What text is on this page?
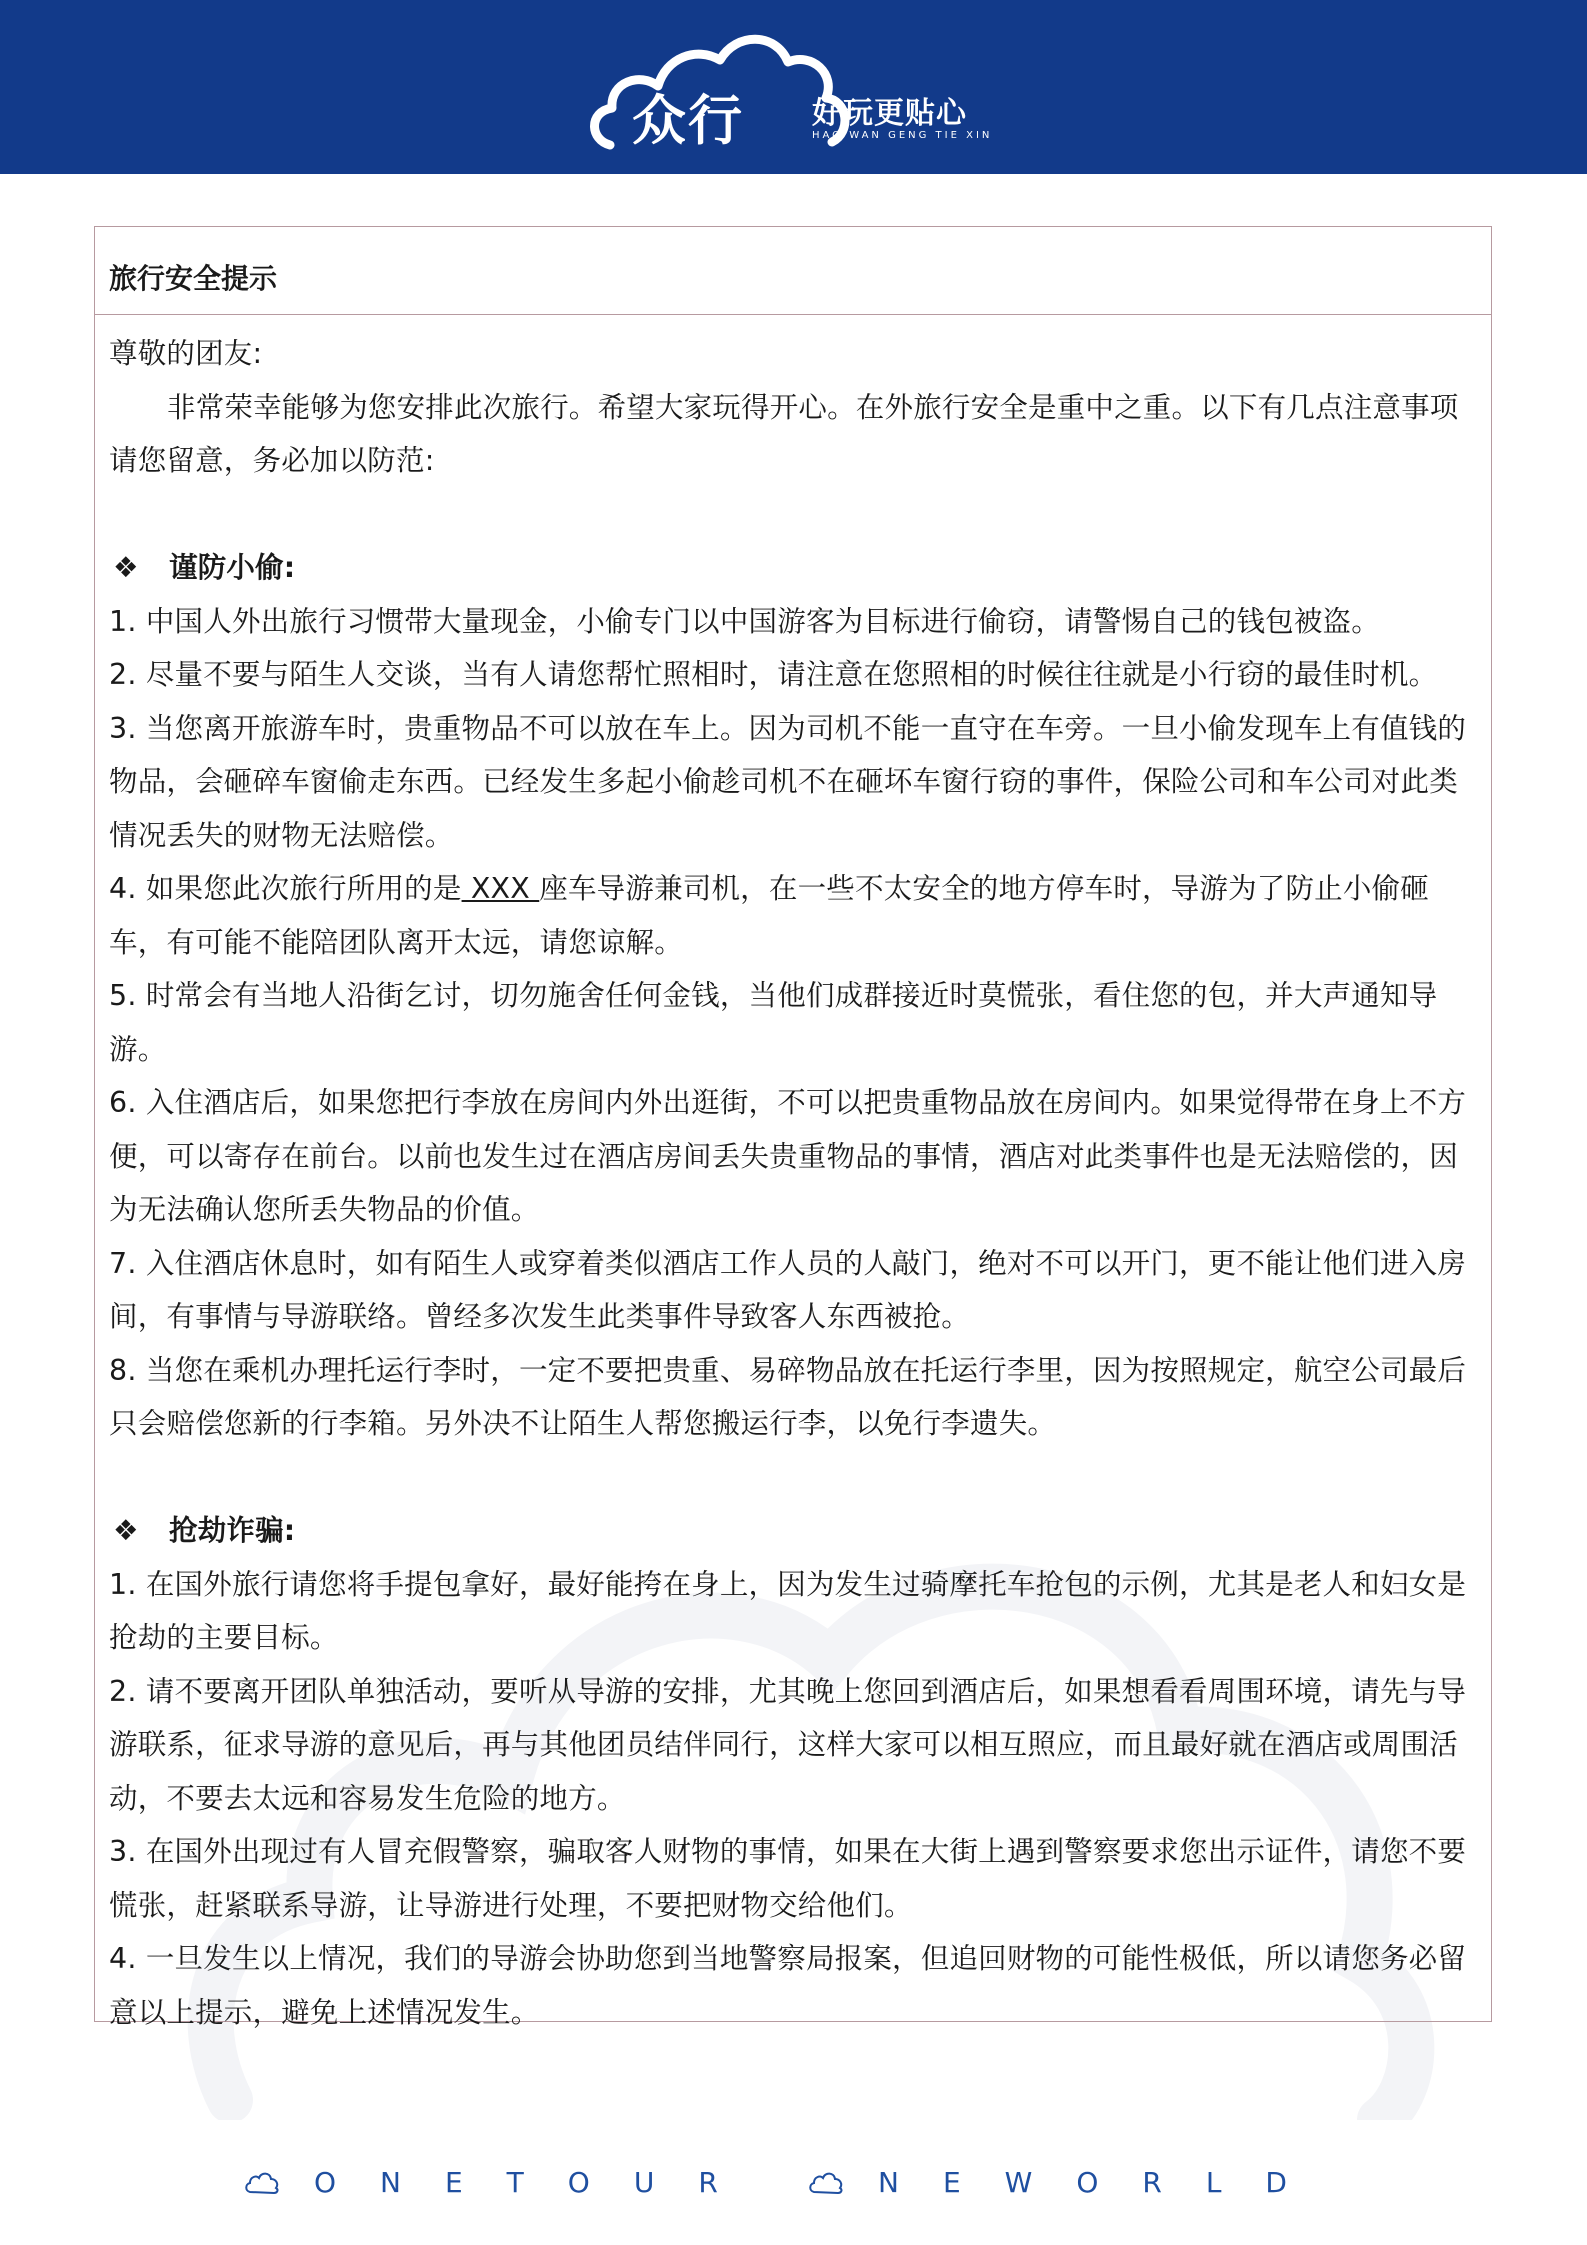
众行 好玩更贴心
HAO WAN GENG TIE XIN
旅行安全提示

尊敬的团友:

非常荣幸能够为您安排此次旅行。希望大家玩得开心。在外旅行安全是重中之重。以下有几点注意事项请您留意，务必加以防范:

❖ 谨防小偷:

1. 中国人外出旅行习惯带大量现金，小偷专门以中国游客为目标进行偷窃，请警惕自己的钱包被盗。

2. 尽量不要与陌生人交谈，当有人请您帮忙照相时，请注意在您照相的时候往往就是小行窃的最佳时机。

3. 当您离开旅游车时，贵重物品不可以放在车上。因为司机不能一直守在车旁。一旦小偷发现车上有值钱的物品，会砸碎车窗偷走东西。已经发生多起小偷趁司机不在砸坏车窗行窃的事件，保险公司和车公司对此类情况丢失的财物无法赔偿。

4. 如果您此次旅行所用的是 XXX 座车导游兼司机，在一些不太安全的地方停车时，导游为了防止小偷砸车，有可能不能陪团队离开太远，请您谅解。

5. 时常会有当地人沿街乞讨，切勿施舍任何金钱，当他们成群接近时莫慌张，看住您的包，并大声通知导游。

6. 入住酒店后，如果您把行李放在房间内外出逛街，不可以把贵重物品放在房间内。如果觉得带在身上不方便，可以寄存在前台。以前也发生过在酒店房间丢失贵重物品的事情，酒店对此类事件也是无法赔偿的，因为无法确认您所丢失物品的价值。

7. 入住酒店休息时，如有陌生人或穿着类似酒店工作人员的人敲门，绝对不可以开门，更不能让他们进入房间，有事情与导游联络。曾经多次发生此类事件导致客人东西被抢。

8. 当您在乘机办理托运行李时，一定不要把贵重、易碎物品放在托运行李里，因为按照规定，航空公司最后只会赔偿您新的行李箱。另外决不让陌生人帮您搬运行李，以免行李遗失。

❖ 抢劫诈骗:

1. 在国外旅行请您将手提包拿好，最好能挎在身上，因为发生过骑摩托车抢包的示例，尤其是老人和妇女是抢劫的主要目标。

2. 请不要离开团队单独活动，要听从导游的安排，尤其晚上您回到酒店后，如果想看看周围环境，请先与导游联系，征求导游的意见后，再与其他团员结伴同行，这样大家可以相互照应，而且最好就在酒店或周围活动，不要去太远和容易发生危险的地方。

3. 在国外出现过有人冒充假警察，骗取客人财物的事情，如果在大街上遇到警察要求您出示证件，请您不要慌张，赶紧联系导游，让导游进行处理，不要把财物交给他们。

4. 一旦发生以上情况，我们的导游会协助您到当地警察局报案，但追回财物的可能性极低，所以请您务必留意以上提示，避免上述情况发生。

ONETOUR	NEWORLD
